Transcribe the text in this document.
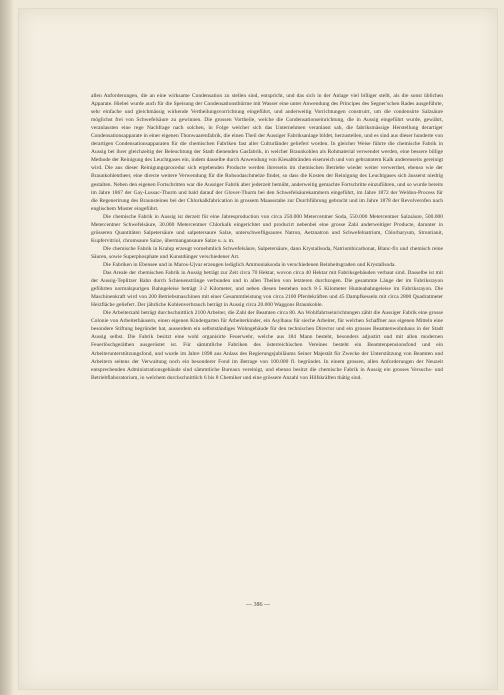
allen Anforderungen, die an eine wirksame Condensation zu stellen sind, entspricht, und das sich in der Anlage viel billiger stellt, als die sonst üblichen Apparate. Hiebei wurde auch für die Speisung der Condensationsthürme mit Wasser eine unter Anwendung des Principes des Segner'schen Rades ausgeführte, sehr einfache und gleichmässig wirkende Vertheilungsvorrichtung eingeführt, und anderweitig Vorrichtungen construirt, um die condensirte Salzsäure möglichst frei von Schwefelsäure zu gewinnen. Die grossen Vortheile, welche die Condensationseinrichtung, die in Aussig eingeführt wurde, gewährt, veranlassten eine rege Nachfrage nach solchen, in Folge welcher sich das Unternehmen veranlasst sah, die fabriksmässige Herstellung derartiger Condensationsapparate in einer eigenen Thonwaarenfabrik, die einen Theil der Aussiger Fabriksanlage bildet, herzustellen, und es sind aus dieser hunderte von derartigen Condensationsapparaten für die chemischen Fabriken fast aller Culturländer geliefert worden. In gleicher Weise führte die chemische Fabrik in Aussig bei ihrer gleichzeitig der Beleuchtung der Stadt dienenden Gasfabrik, in welcher Braunkohlen als Rohmaterial verwendet werden, eine bessere billige Methode der Reinigung des Leuchtgases ein, indem dasselbe durch Anwendung von Kiesabbränden eisenreich und von gebranntem Kalk anderenseits gereinigt wird. Die aus dieser Reinigungsprocedur sich ergebenden Producte werden ihrerseits im chemischen Betriebe wieder weiter verwerthet, ebenso wie der Braunkohlentheer, eine directe weitere Verwendung für die Rohsodaschmelze findet, so dass die Kosten der Reinigung des Leuchtgases sich äusserst niedrig gestalten. Neben den eigenen Fortschritten war die Aussiger Fabrik aber jederzeit bemüht, anderweitig gemachte Fortschritte einzuführen, und so wurde bereits im Jahre 1867 der Gay-Lussac-Thurm und bald darauf der Glover-Thurm bei den Schwefelsäurekammern eingeführt, im Jahre 1872 der Weldon-Process für die Regenerirung des Braunsteines bei der Chlorkalkfabrication in grossem Maassstabe zur Durchführung gebracht und im Jahre 1878 der Revolverofen nach englischem Muster eingeführt.

Die chemische Fabrik in Aussig ist derzeit für eine Jahresproduction von circa 250.000 Metercentner Soda, 550.000 Metercentner Salzsäure, 500.000 Metercentner Schwefelsäure, 30.000 Metercentner Chlorkalk eingerichtet und producirt nebenbei eine grosse Zahl anderweitiger Producte, darunter in grösseren Quantitäten Salpetersäure und salpetersaure Salze, unterschwefligsaures Natron, Aetznatron und Schwefelnatrium, Chlorbaryum, Strontianit, Kupfervitriol, chromsaure Salze, übermangansaure Salze u. a. m.

Die chemische Fabrik in Kralup erzeugt vornehmlich Schwefelsäure, Salpetersäure, dann Krystallsoda, Natriumbicarbonat, Blanc-fix und chemisch reine Säuren, sowie Superphosphate und Kunstdünger verschiedener Art.

Die Fabriken in Ebensee und in Maros-Ujvar erzeugen lediglich Ammoniaksoda in verschiedenen Reinheitsgraden und Krystallsoda.

Das Areale der chemischen Fabrik in Aussig beträgt zur Zeit circa 70 Hektar, wovon circa 40 Hektar mit Fabriksgebäuden verbaut sind. Dasselbe ist mit der Aussig-Teplitzer Bahn durch Schienenstränge verbunden und in allen Theilen von letzteren durchzogen. Die gesammte Länge der im Fabriksrayon geführten normalspurigen Bahngeleise beträgt 3·2 Kilometer, und neben diesen bestehen noch 8·5 Kilometer Hunteabahngeleise im Fabriksrayon. Die Maschinenkraft wird von 200 Betriebsmaschinen mit einer Gesammtleistung von circa 2100 Pferdekräften und 45 Dampfkesseln mit circa 2800 Quadratmeter Heizfläche geliefert. Der jährliche Kohlenverbrauch beträgt in Aussig circa 20.000 Waggons Braunkohle.

Die Arbeiterzahl beträgt durchschnittlich 2100 Arbeiter, die Zahl der Beamten circa 80. An Wohlfahrtseinrichtungen zählt die Aussiger Fabrik eine grosse Colonie von Arbeiterhäusern, einen eigenen Kindergarten für Arbeiterkinder, ein Asylhaus für sieche Arbeiter, für welchen Schaffner aus eigenen Mitteln eine besondere Stiftung begründet hat, ausserdem ein selbstständiges Wohngebäude für den technischen Director und ein grosses Beamtenwohnhaus in der Stadt Aussig selbst. Die Fabrik besitzt eine wohl organisirte Feuerwehr, welche aus 184 Mann besteht, besonders adjustirt und mit allen modernen Feuerlöschgeräthen ausgerüstet ist. Für sämmtliche Fabriken des österreichischen Vereines besteht ein Beamtenpensionsfond und ein Arbeiterunterstützungsfond, und wurde im Jahre 1898 aus Anlass des Regierungsjubiläums Seiner Majestät für Zwecke der Unterstützung von Beamten und Arbeitern seitens der Verwaltung noch ein besonderer Fond im Betrage von 100.000 fl. begründet. In einem grossen, allen Anforderungen der Neuzeit entsprechenden Administrationsgebäude sind sämmtliche Bureaux vereinigt, und ebenso besitzt die chemische Fabrik in Aussig ein grosses Versuchs- und Betriebflaboratorium, in welchem durchschnittlich 6 bis 8 Chemiker und eine grössere Anzahl von Hilfskräften thätig sind.

— 386 —
